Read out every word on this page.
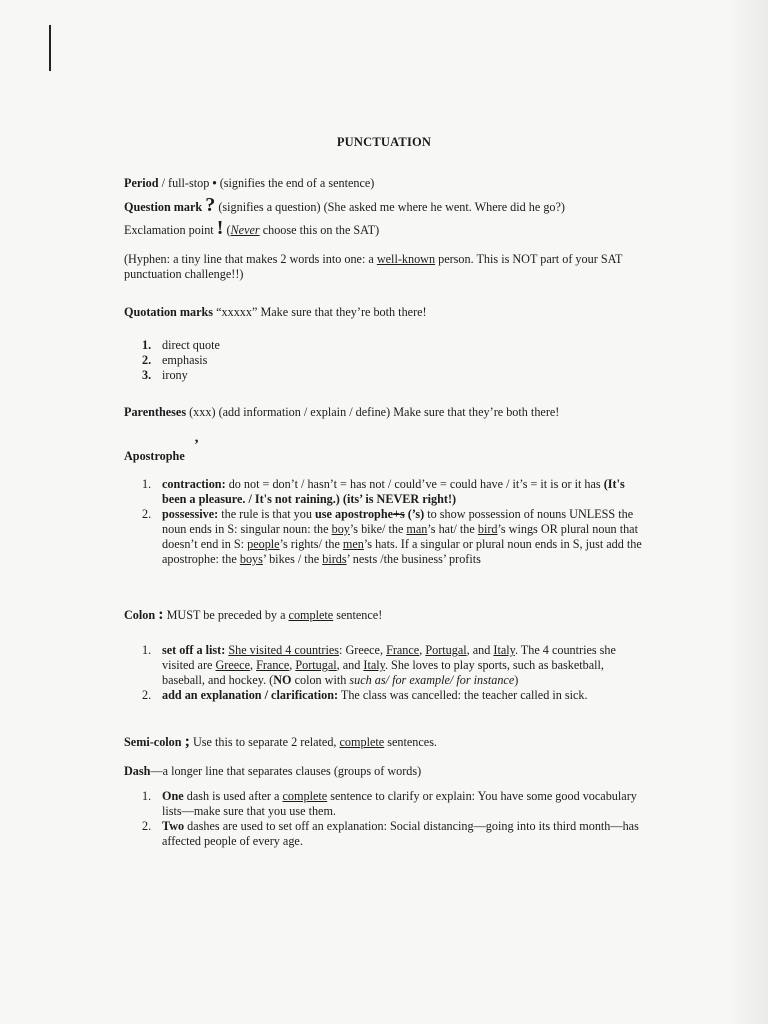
PUNCTUATION
Period / full-stop • (signifies the end of a sentence)
Question mark ? (signifies a question) (She asked me where he went. Where did he go?)
Exclamation point ! (Never choose this on the SAT)
(Hyphen: a tiny line that makes 2 words into one: a well-known person. This is NOT part of your SAT punctuation challenge!!)
Quotation marks “xxxxx” Make sure that they’re both there!
1. direct quote
2. emphasis
3. irony
Parentheses (xxx) (add information / explain / define) Make sure that they’re both there!
Apostrophe
’
1. contraction: do not = don’t / hasn’t = has not / could’ve = could have / it’s = it is or it has (It's been a pleasure. / It's not raining.) (its’ is NEVER right!)
2. possessive: the rule is that you use apostrophe+s (’s) to show possession of nouns UNLESS the noun ends in S: singular noun: the boy’s bike/ the man’s hat/ the bird’s wings OR plural noun that doesn’t end in S: people’s rights/ the men’s hats. If a singular or plural noun ends in S, just add the apostrophe: the boys’ bikes / the birds’ nests /the business’ profits
Colon : MUST be preceded by a complete sentence!
1. set off a list: She visited 4 countries: Greece, France, Portugal, and Italy. The 4 countries she visited are Greece, France, Portugal, and Italy. She loves to play sports, such as basketball, baseball, and hockey. (NO colon with such as/ for example/ for instance)
2. add an explanation / clarification: The class was cancelled: the teacher called in sick.
Semi-colon ; Use this to separate 2 related, complete sentences.
Dash—a longer line that separates clauses (groups of words)
1. One dash is used after a complete sentence to clarify or explain: You have some good vocabulary lists—make sure that you use them.
2. Two dashes are used to set off an explanation: Social distancing—going into its third month—has affected people of every age.
